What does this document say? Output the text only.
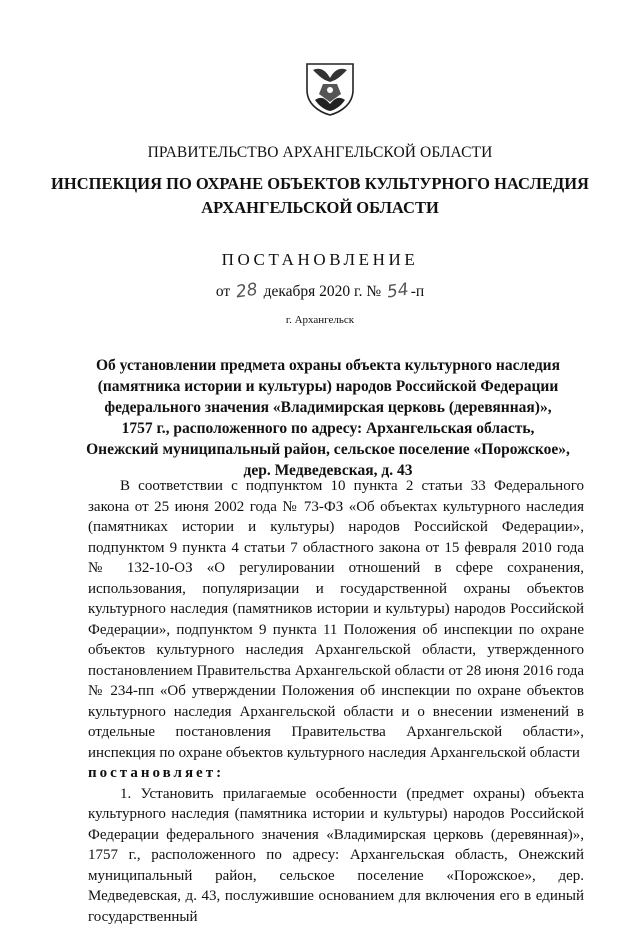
ПРАВИТЕЛЬСТВО АРХАНГЕЛЬСКОЙ ОБЛАСТИ
ИНСПЕКЦИЯ ПО ОХРАНЕ ОБЪЕКТОВ КУЛЬТУРНОГО НАСЛЕДИЯ
АРХАНГЕЛЬСКОЙ ОБЛАСТИ
ПОСТАНОВЛЕНИЕ
от 28 декабря 2020 г. № 54-п
г. Архангельск
Об установлении предмета охраны объекта культурного наследия
(памятника истории и культуры) народов Российской Федерации
федерального значения «Владимирская церковь (деревянная)»,
1757 г., расположенного по адресу: Архангельская область,
Онежский муниципальный район, сельское поселение «Порожское»,
дер. Медведевская, д. 43

В соответствии с подпунктом 10 пункта 2 статьи 33 Федерального закона от 25 июня 2002 года № 73-ФЗ «Об объектах культурного наследия (памятниках истории и культуры) народов Российской Федерации», подпунктом 9 пункта 4 статьи 7 областного закона от 15 февраля 2010 года № 132-10-ОЗ «О регулировании отношений в сфере сохранения, использования, популяризации и государственной охраны объектов культурного наследия (памятников истории и культуры) народов Российской Федерации», подпунктом 9 пункта 11 Положения об инспекции по охране объектов культурного наследия Архангельской области, утвержденного постановлением Правительства Архангельской области от 28 июня 2016 года № 234-пп «Об утверждении Положения об инспекции по охране объектов культурного наследия Архангельской области и о внесении изменений в отдельные постановления Правительства Архангельской области», инспекция по охране объектов культурного наследия Архангельской области

постановляет:

1. Установить прилагаемые особенности (предмет охраны) объекта культурного наследия (памятника истории и культуры) народов Российской Федерации федерального значения «Владимирская церковь (деревянная)», 1757 г., расположенного по адресу: Архангельская область, Онежский муниципальный район, сельское поселение «Порожское», дер. Медведевская, д. 43, послужившие основанием для включения его в единый государственный
